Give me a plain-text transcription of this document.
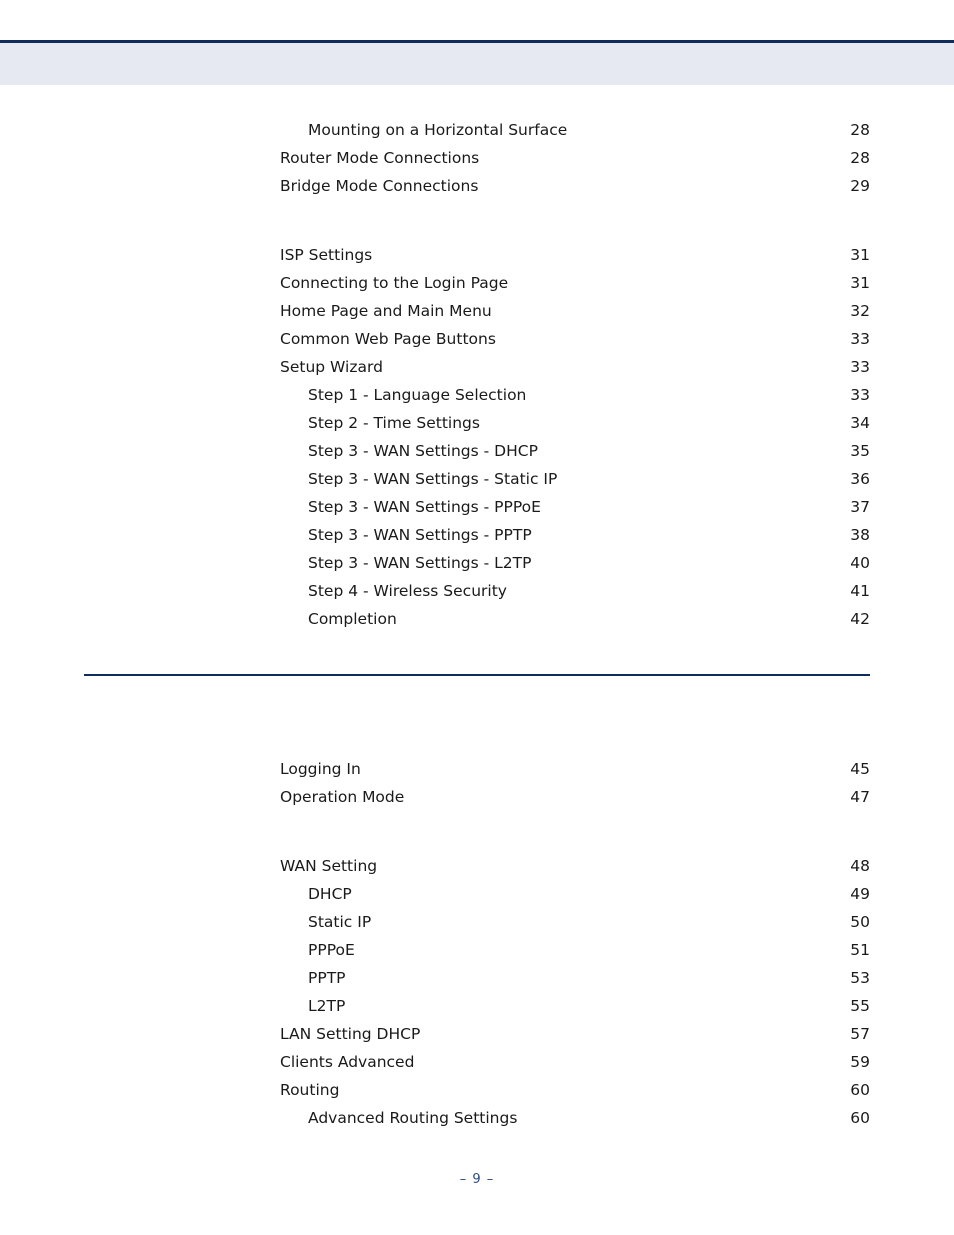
Mounting on a Horizontal Surface	28
Router Mode Connections	28
Bridge Mode Connections	29
ISP Settings	31
Connecting to the Login Page	31
Home Page and Main Menu	32
Common Web Page Buttons	33
Setup Wizard	33
Step 1 - Language Selection	33
Step 2 - Time Settings	34
Step 3 - WAN Settings - DHCP	35
Step 3 - WAN Settings - Static IP	36
Step 3 - WAN Settings - PPPoE	37
Step 3 - WAN Settings - PPTP	38
Step 3 - WAN Settings - L2TP	40
Step 4 - Wireless Security	41
Completion	42
Logging In	45
Operation Mode	47
WAN Setting	48
DHCP	49
Static IP	50
PPPoE	51
PPTP	53
L2TP	55
LAN Setting DHCP	57
Clients Advanced	59
Routing	60
Advanced Routing Settings	60
– 9 –
